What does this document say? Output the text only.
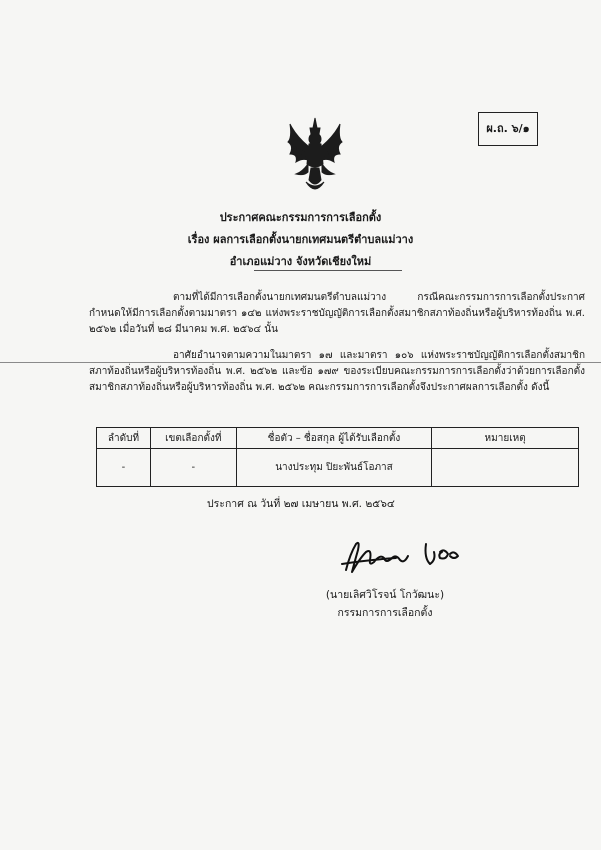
ผ.ถ. ๖/๑
ประกาศคณะกรรมการการเลือกตั้ง
เรื่อง ผลการเลือกตั้งนายกเทศมนตรีตำบลแม่วาง
อำเภอแม่วาง จังหวัดเชียงใหม่
ตามที่ได้มีการเลือกตั้งนายกเทศมนตรีตำบลแม่วาง กรณีคณะกรรมการการเลือกตั้งประกาศกำหนดให้มีการเลือกตั้งตามมาตรา ๑๔๒ แห่งพระราชบัญญัติการเลือกตั้งสมาชิกสภาท้องถิ่นหรือผู้บริหารท้องถิ่น พ.ศ. ๒๕๖๒ เมื่อวันที่ ๒๘ มีนาคม พ.ศ. ๒๕๖๔ นั้น
อาศัยอำนาจตามความในมาตรา ๑๗ และมาตรา ๑๐๖ แห่งพระราชบัญญัติการเลือกตั้งสมาชิกสภาท้องถิ่นหรือผู้บริหารท้องถิ่น พ.ศ. ๒๕๖๒ และข้อ ๑๗๙ ของระเบียบคณะกรรมการการเลือกตั้งว่าด้วยการเลือกตั้งสมาชิกสภาท้องถิ่นหรือผู้บริหารท้องถิ่น พ.ศ. ๒๕๖๒ คณะกรรมการการเลือกตั้งจึงประกาศผลการเลือกตั้ง ดังนี้
ลำดับที่	เขตเลือกตั้งที่	ชื่อตัว – ชื่อสกุล ผู้ได้รับเลือกตั้ง	หมายเหตุ
-	-	นางประทุม ปิยะพันธ์โอภาส	
ประกาศ ณ วันที่ ๒๗ เมษายน พ.ศ. ๒๕๖๔
(นายเลิศวิโรจน์ โกวัฒนะ)
กรรมการการเลือกตั้ง
